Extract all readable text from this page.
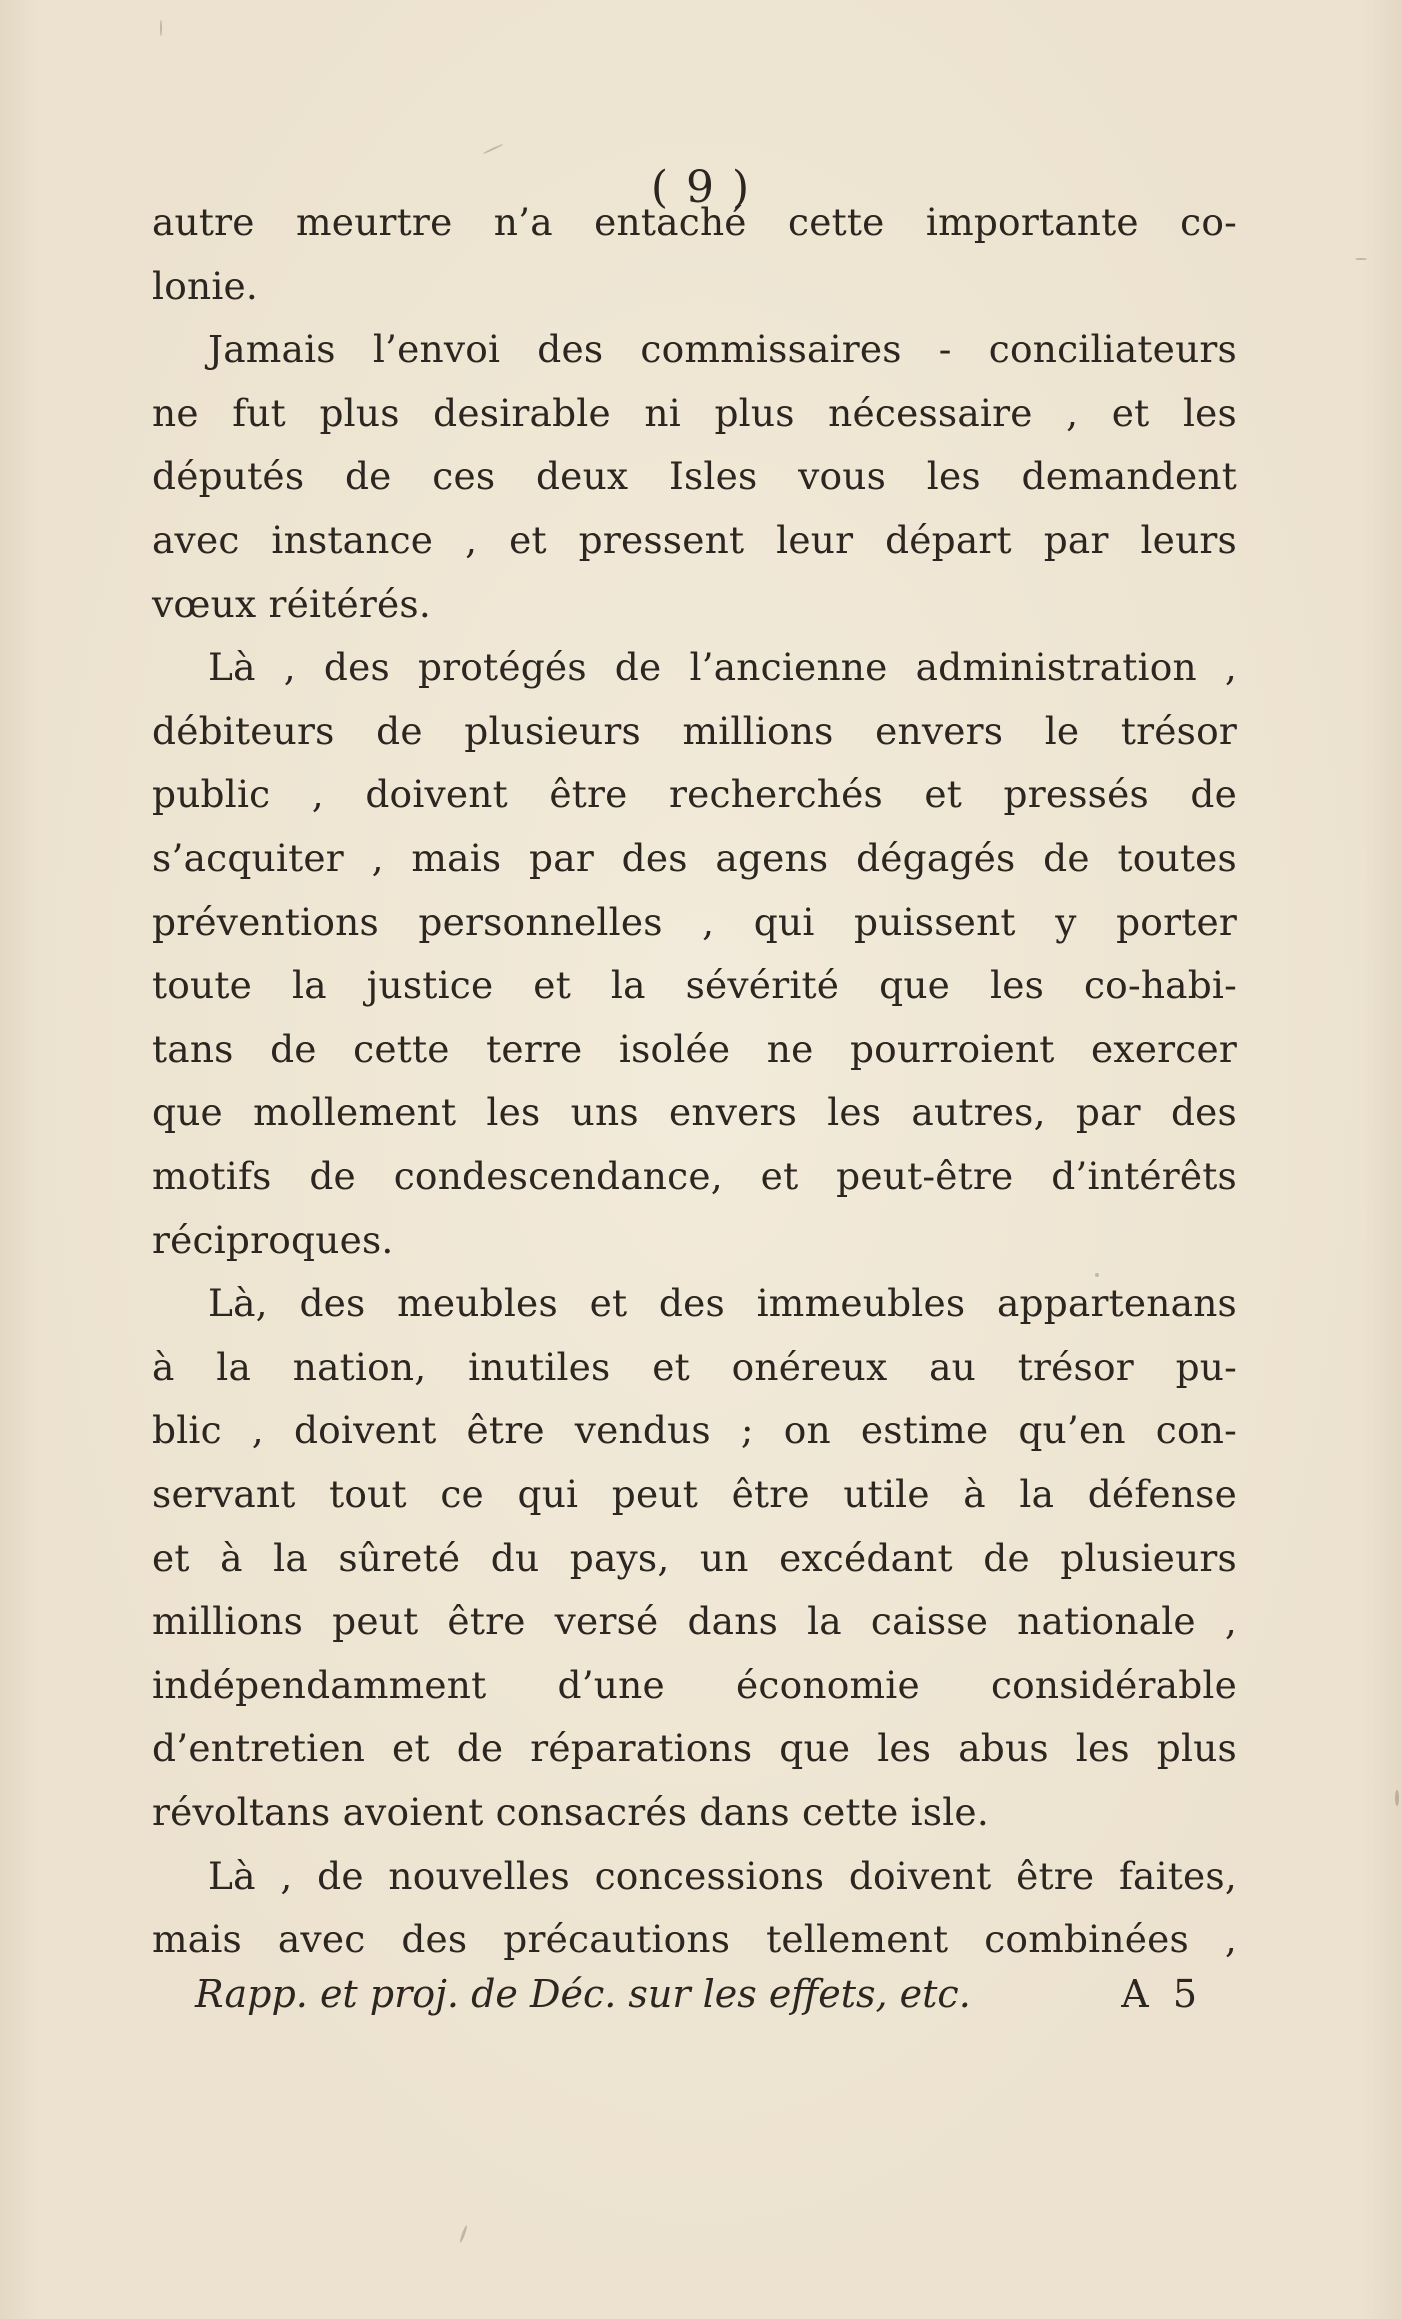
( 9 )
autre meurtre n’a entaché cette importante co-
lonie.
Jamais l’envoi des commissaires - conciliateurs
ne fut plus desirable ni plus nécessaire , et les
députés de ces deux Isles vous les demandent
avec instance , et pressent leur départ par leurs
vœux réitérés.
Là , des protégés de l’ancienne administration ,
débiteurs de plusieurs millions envers le trésor
public , doivent être recherchés et pressés de
s’acquiter , mais par des agens dégagés de toutes
préventions personnelles , qui puissent y porter
toute la justice et la sévérité que les co-habi-
tans de cette terre isolée ne pourroient exercer
que mollement les uns envers les autres, par des
motifs de condescendance, et peut-être d’intérêts
réciproques.
Là, des meubles et des immeubles appartenans
à la nation, inutiles et onéreux au trésor pu-
blic , doivent être vendus ; on estime qu’en con-
servant tout ce qui peut être utile à la défense
et à la sûreté du pays, un excédant de plusieurs
millions peut être versé dans la caisse nationale ,
indépendamment d’une économie considérable
d’entretien et de réparations que les abus les plus
révoltans avoient consacrés dans cette isle.
Là , de nouvelles concessions doivent être faites,
mais avec des précautions tellement combinées ,
Rapp. et proj. de Déc. sur les effets, etc.	A 5
